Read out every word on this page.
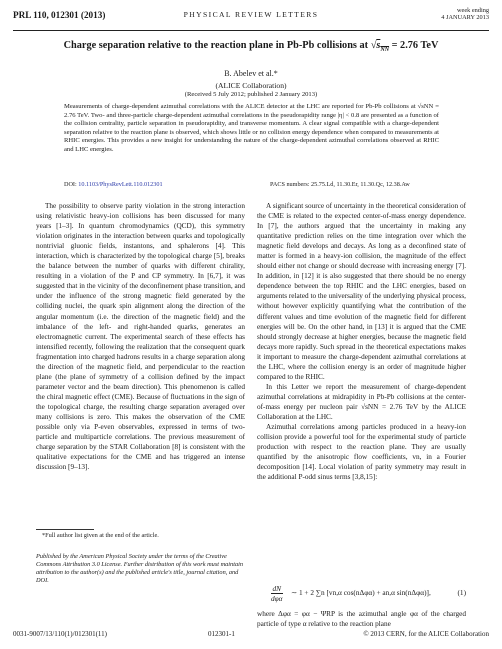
PRL 110, 012301 (2013)	PHYSICAL REVIEW LETTERS	week ending
4 JANUARY 2013
Charge separation relative to the reaction plane in Pb-Pb collisions at $√s_{NN} = 2.76$ TeV
B. Abelev et al.*
(ALICE Collaboration)
(Received 5 July 2012; published 2 January 2013)
Measurements of charge-dependent azimuthal correlations with the ALICE detector at the LHC are reported for Pb-Pb collisions at √sNN = 2.76 TeV. Two- and three-particle charge-dependent azimuthal correlations in the pseudorapidity range |η| < 0.8 are presented as a function of the collision centrality, particle separation in pseudorapidity, and transverse momentum. A clear signal compatible with a charge-dependent separation relative to the reaction plane is observed, which shows little or no collision energy dependence when compared to measurements at RHIC energies. This provides a new insight for understanding the nature of the charge-dependent azimuthal correlations observed at RHIC and LHC energies.
DOI: 10.1103/PhysRevLett.110.012301	PACS numbers: 25.75.Ld, 11.30.Er, 11.30.Qc, 12.38.Aw

The possibility to observe parity violation in the strong interaction using relativistic heavy-ion collisions has been discussed for many years [1–3]. In quantum chromodynamics (QCD), this symmetry violation originates in the interaction between quarks and topologically nontrivial gluonic fields, instantons, and sphalerons [4]. This interaction, which is characterized by the topological charge [5], breaks the balance between the number of quarks with different chirality, resulting in a violation of the P and CP symmetry. In [6,7], it was suggested that in the vicinity of the deconfinement phase transition, and under the influence of the strong magnetic field generated by the colliding nuclei, the quark spin alignment along the direction of the angular momentum (i.e. the direction of the magnetic field) and the imbalance of the left- and right-handed quarks, generates an electromagnetic current. The experimental search of these effects has intensified recently, following the realization that the consequent quark fragmentation into charged hadrons results in a charge separation along the direction of the magnetic field, and perpendicular to the reaction plane (the plane of symmetry of a collision defined by the impact parameter vector and the beam direction). This phenomenon is called the chiral magnetic effect (CME). Because of fluctuations in the sign of the topological charge, the resulting charge separation averaged over many collisions is zero. This makes the observation of the CME possible only via P-even observables, expressed in terms of two-particle and multiparticle correlations. The previous measurement of charge separation by the STAR Collaboration [8] is consistent with the qualitative expectations for the CME and has triggered an intense discussion [9–13].

*Full author list given at the end of the article.
Published by the American Physical Society under the terms of the Creative Commons Attribution 3.0 License. Further distribution of this work must maintain attribution to the author(s) and the published article's title, journal citation, and DOI.

A significant source of uncertainty in the theoretical consideration of the CME is related to the expected center-of-mass energy dependence. In [7], the authors argued that the uncertainty in making any quantitative prediction relies on the time integration over which the magnetic field develops and decays. As long as a deconfined state of matter is formed in a heavy-ion collision, the magnitude of the effect should either not change or should decrease with increasing energy [7]. In addition, in [12] it is also suggested that there should be no energy dependence between the top RHIC and the LHC energies, based on arguments related to the universality of the underlying physical process, without however explicitly quantifying what the contribution of the different values and time evolution of the magnetic field for different energies will be. On the other hand, in [13] it is argued that the CME should strongly decrease at higher energies, because the magnetic field decays more rapidly. Such spread in the theoretical expectations makes it important to measure the charge-dependent azimuthal correlations at the LHC, where the collision energy is an order of magnitude higher compared to the RHIC.

In this Letter we report the measurement of charge-dependent azimuthal correlations at midrapidity in Pb-Pb collisions at the center-of-mass energy per nucleon pair √sNN = 2.76 TeV by the ALICE Collaboration at the LHC.

Azimuthal correlations among particles produced in a heavy-ion collision provide a powerful tool for the experimental study of particle production with respect to the reaction plane. They are usually quantified by the anisotropic flow coefficients, vn, in a Fourier decomposition [14]. Local violation of parity symmetry may result in the additional P-odd sinus terms [3,8,15]:

dN
dφα
∼ 1 + 2 ∑n [vn,α cos(nΔφα) + an,α sin(nΔφα)],	(1)

where Δφα = φα − ΨRP is the azimuthal angle φα of the charged particle of type α relative to the reaction plane

0031-9007/13/110(1)/012301(11)	012301-1	© 2013 CERN, for the ALICE Collaboration
